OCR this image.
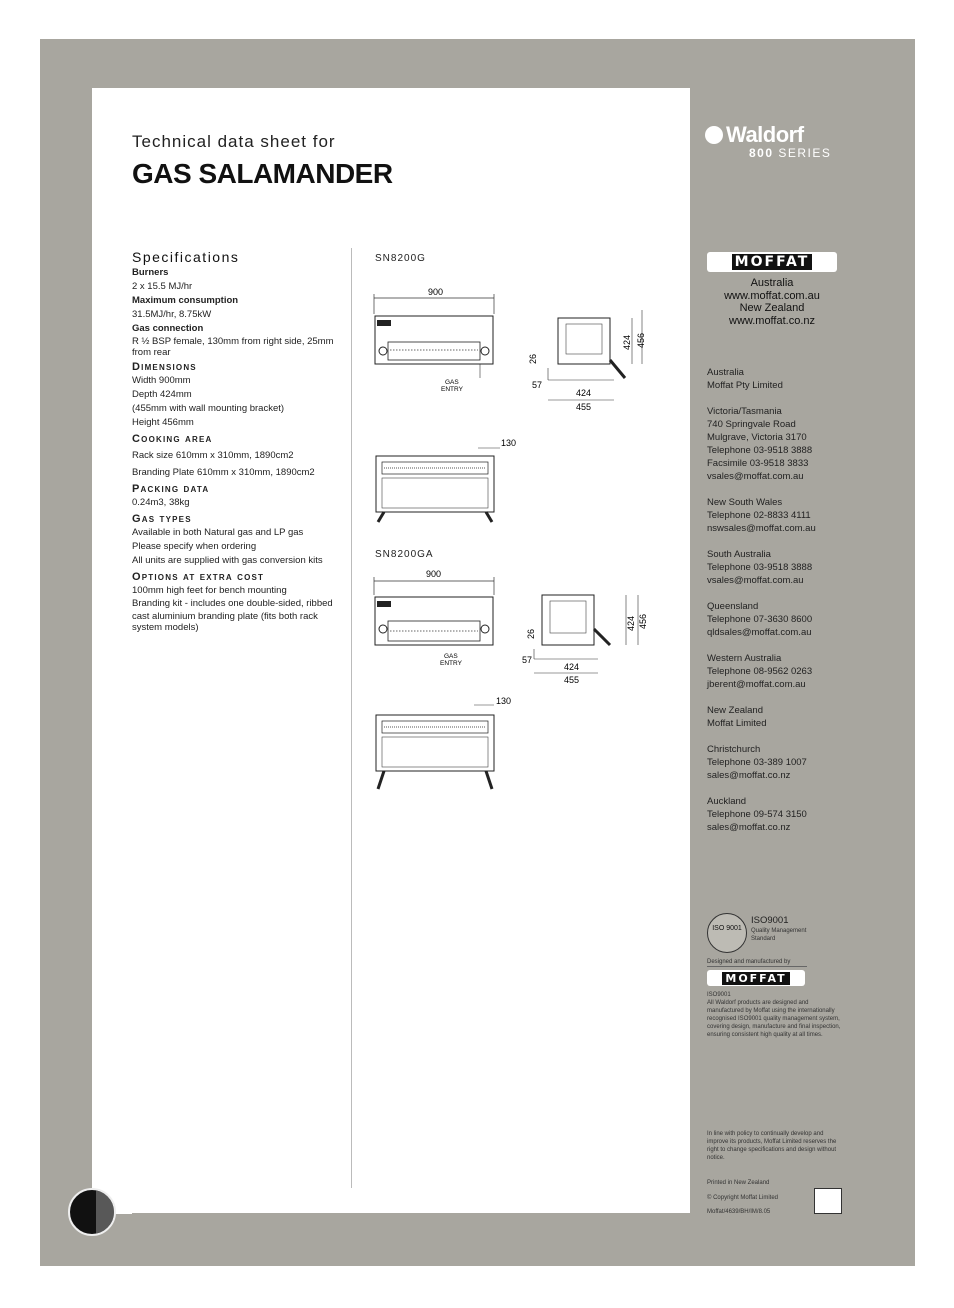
Technical data sheet for
GAS SALAMANDER
Specifications
Burners
2 x 15.5 MJ/hr
Maximum consumption
31.5MJ/hr, 8.75kW
Gas connection
R ½ BSP female, 130mm from right side, 25mm from rear
Dimensions
Width 900mm
Depth 424mm
(455mm with wall mounting bracket)
Height 456mm
Cooking area
Rack size 610mm x 310mm, 1890cm2
Branding Plate 610mm x 310mm, 1890cm2
Packing data
0.24m3, 38kg
Gas types
Available in both Natural gas and LP gas
Please specify when ordering
All units are supplied with gas conversion kits
Options at extra cost
100mm high feet for bench mounting
Branding kit - includes one double-sided, ribbed
cast aluminium branding plate (fits both rack system models)
SN8200G
900
GAS
ENTRY
26
57
424
455
424 456
130
SN8200GA
900
GAS
ENTRY
26
57
424
455
424 456
130
Waldorf
800 SERIES
MOFFAT
Australia
www.moffat.com.au
New Zealand
www.moffat.co.nz
Australia
Moffat Pty Limited
Victoria/Tasmania
740 Springvale Road
Mulgrave, Victoria 3170
Telephone 03-9518 3888
Facsimile 03-9518 3833
vsales@moffat.com.au
New South Wales
Telephone 02-8833 4111
nswsales@moffat.com.au
South Australia
Telephone 03-9518 3888
vsales@moffat.com.au
Queensland
Telephone 07-3630 8600
qldsales@moffat.com.au
Western Australia
Telephone 08-9562 0263
jberent@moffat.com.au
New Zealand
Moffat Limited
Christchurch
Telephone 03-389 1007
sales@moffat.co.nz
Auckland
Telephone 09-574 3150
sales@moffat.co.nz
ISO 9001
ISO9001
Quality Management Standard
Designed and manufactured by
MOFFAT
ISO9001
All Waldorf products are designed and manufactured by Moffat using the internationally recognised ISO9001 quality management system, covering design, manufacture and final inspection, ensuring consistent high quality at all times.
In line with policy to continually develop and improve its products, Moffat Limited reserves the right to change specifications and design without notice.
Printed in New Zealand
© Copyright Moffat Limited
Moffat/4639/BH/IM/8.05
